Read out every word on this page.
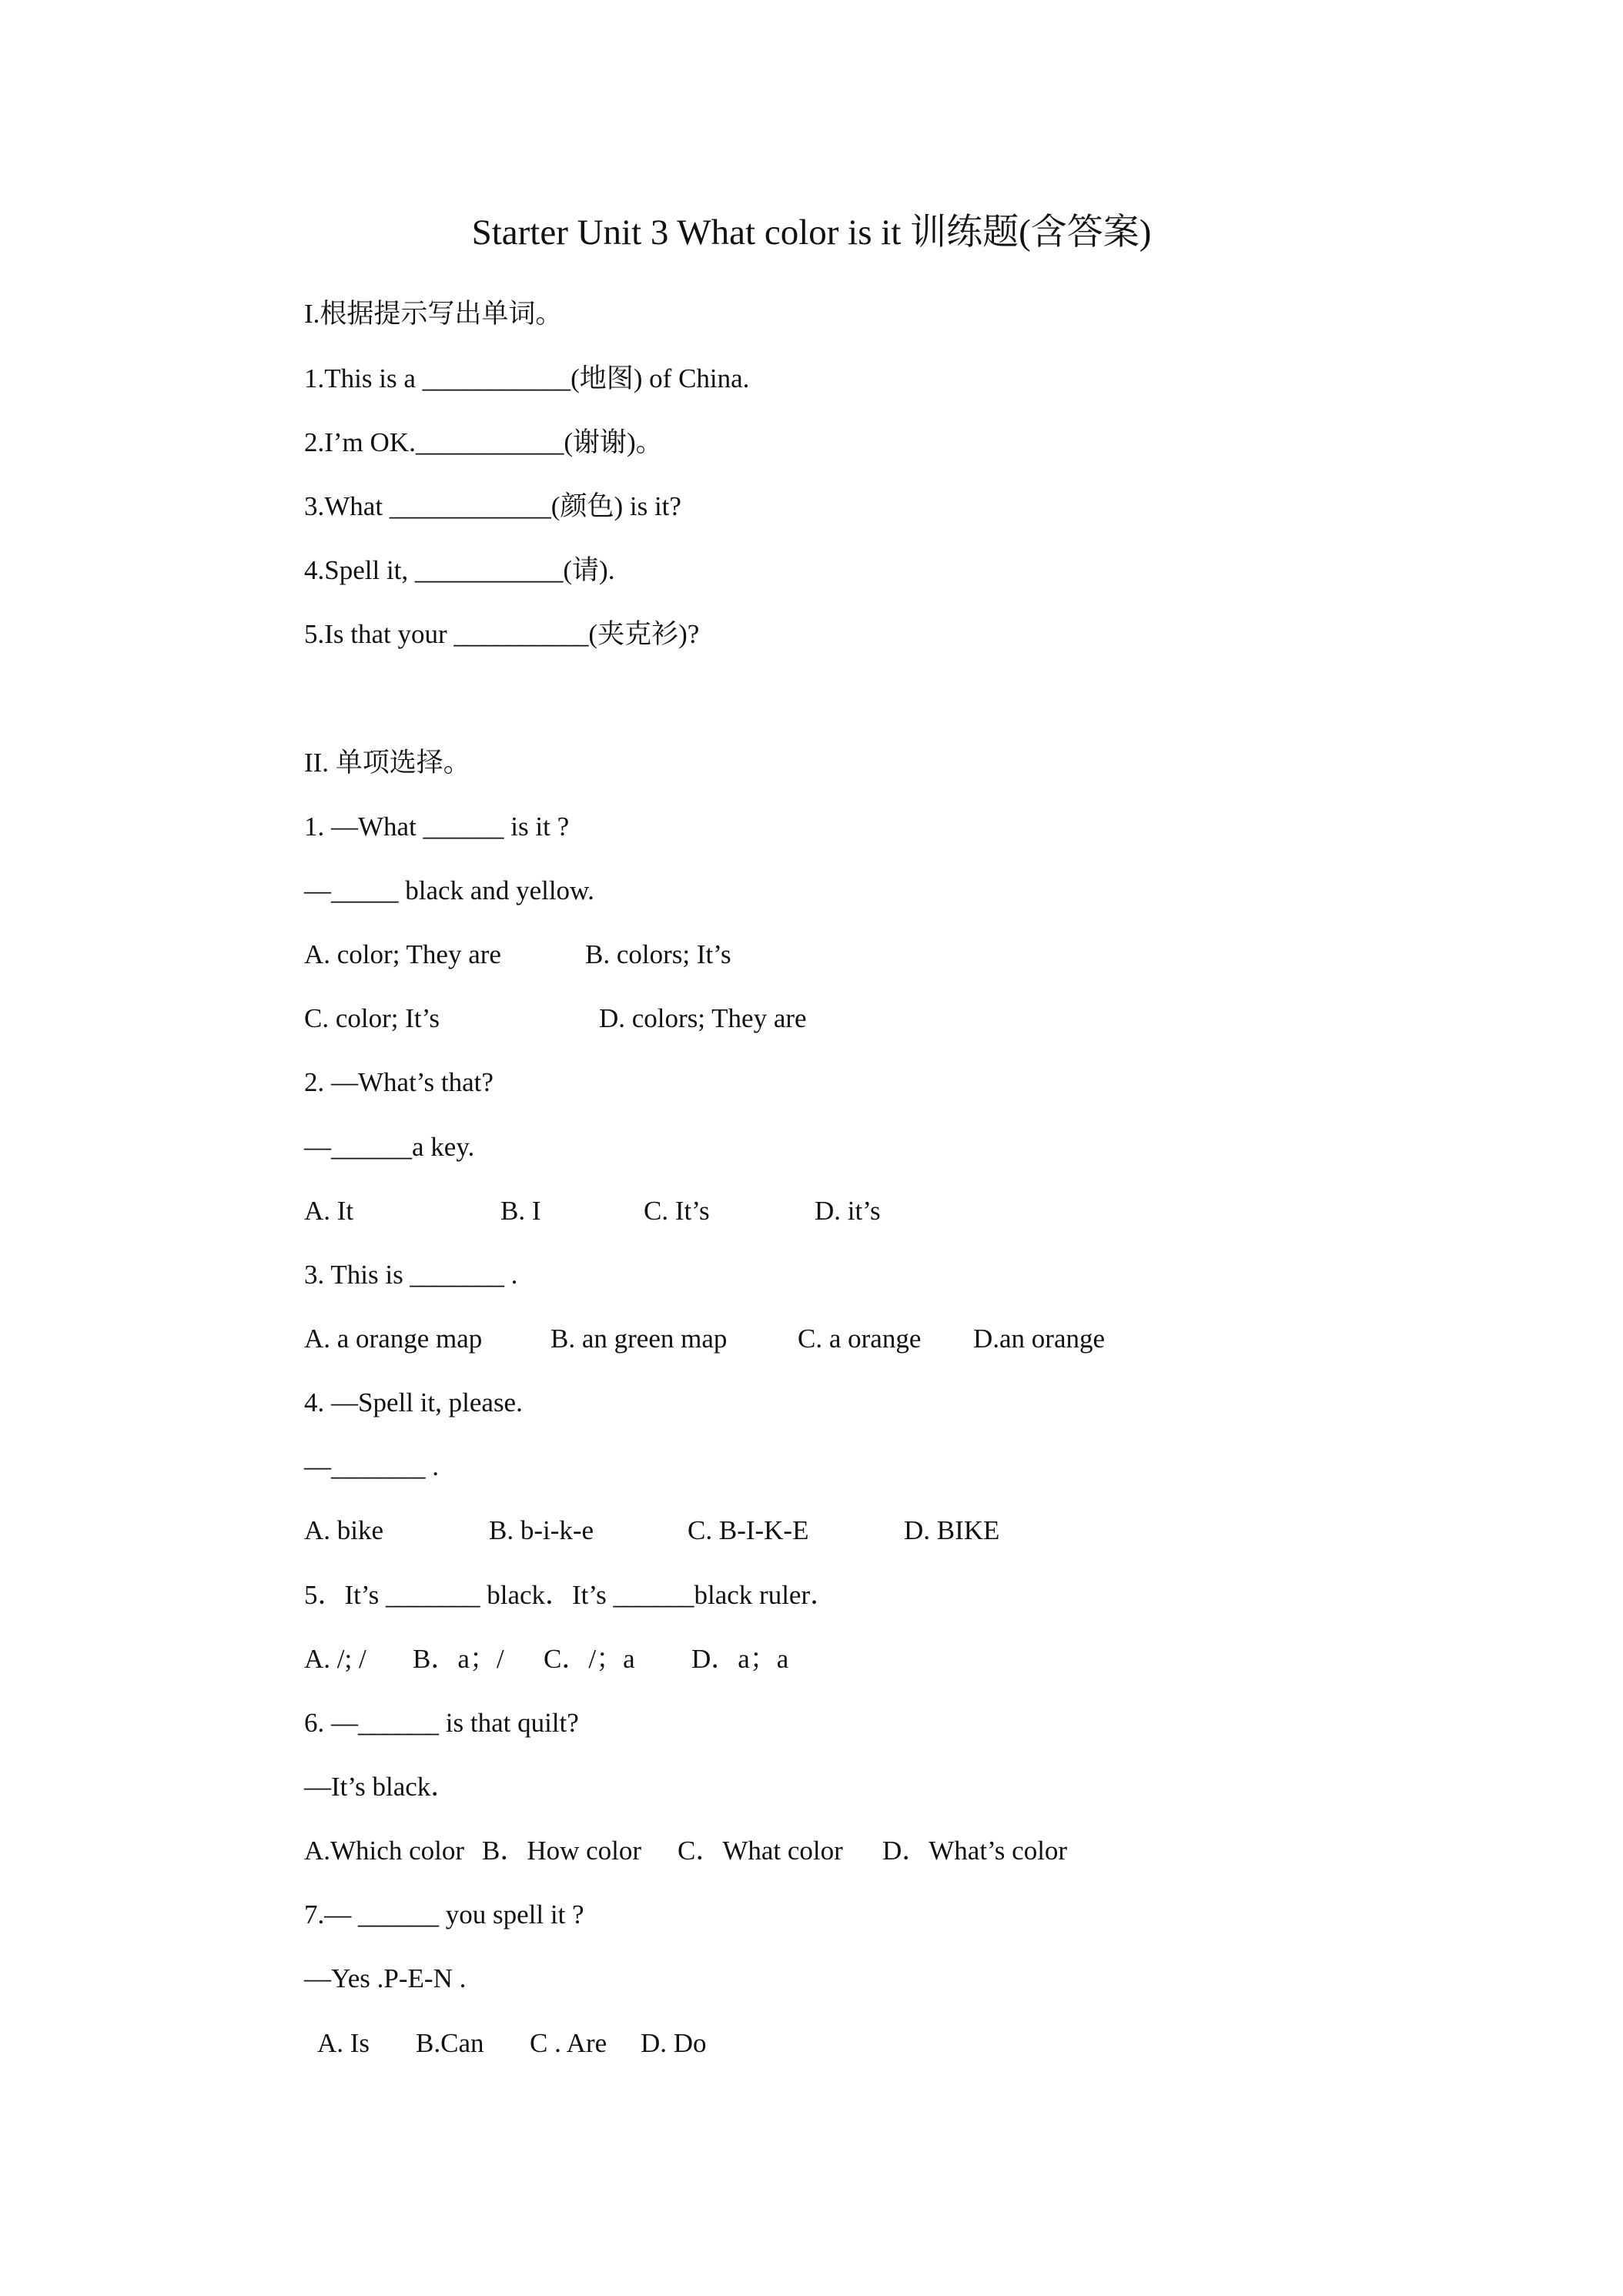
Starter Unit 3 What color is it 训练题(含答案)
I.根据提示写出单词。
1.This is a ___________(地图) of China.
2.I’m OK.___________(谢谢)。
3.What ____________(颜色) is it?
4.Spell it, ___________(请).
5.Is that your __________(夹克衫)?
II. 单项选择。
1. —What ______ is it ?
—_____ black and yellow.
A. color; They are	B. colors; It’s
C. color; It’s	D. colors; They are
2. —What’s that?
—______a key.
A. It	B. I	C. It’s	D. it’s
3. This is _______ .
A. a orange map	B. an green map	C. a orange D.an orange
4. —Spell it, please.
—_______ .
A. bike	B. b-i-k-e	C. B-I-K-E	D. BIKE
5．It’s _______ black．It’s ______black ruler．
A. /; / B．a；/ C．/；a D．a；a
6. —______ is that quilt?
—It’s black．
A.Which color B．How color C．What color D．What’s color
7.— ______ you spell it ?
—Yes .P-E-N .
A. Is B.Can C . Are D. Do
